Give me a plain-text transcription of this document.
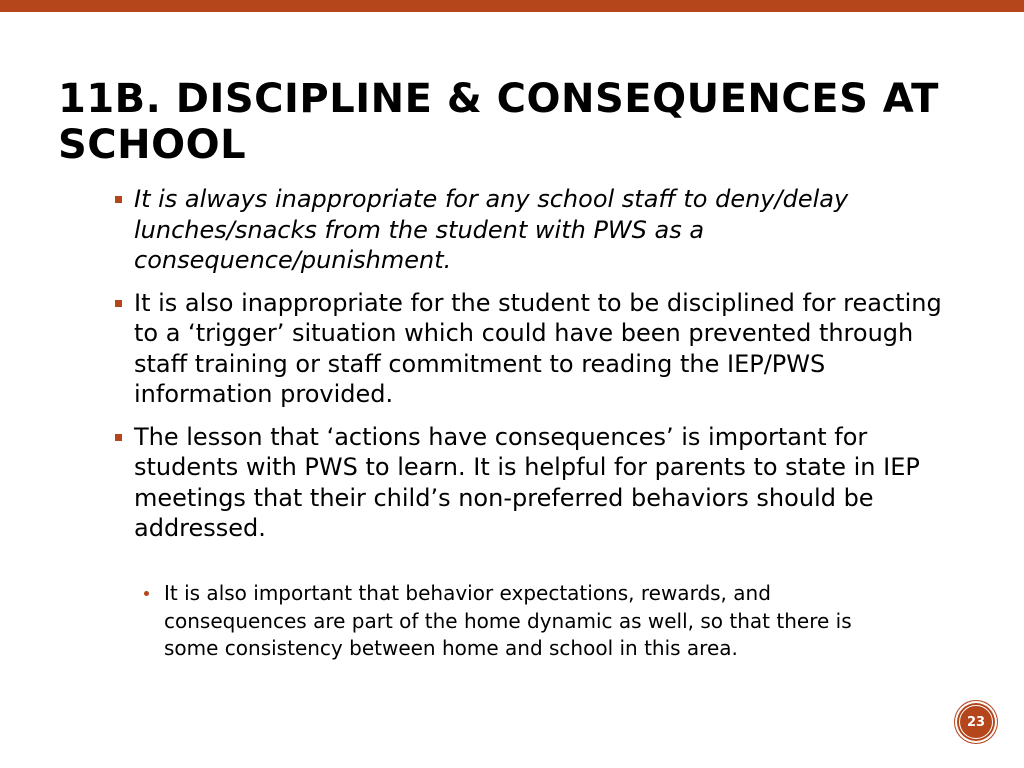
11B. DISCIPLINE & CONSEQUENCES AT SCHOOL
It is always inappropriate for any school staff to deny/delay lunches/snacks from the student with PWS as a consequence/punishment.
It is also inappropriate for the student to be disciplined for reacting to a ‘trigger’ situation which could have been prevented through staff training or staff commitment to reading the IEP/PWS information provided.
The lesson that ‘actions have consequences’ is important for students with PWS to learn. It is helpful for parents to state in IEP meetings that their child’s non-preferred behaviors should be addressed.
It is also important that behavior expectations, rewards, and consequences are part of the home dynamic as well, so that there is some consistency between home and school in this area.
23
